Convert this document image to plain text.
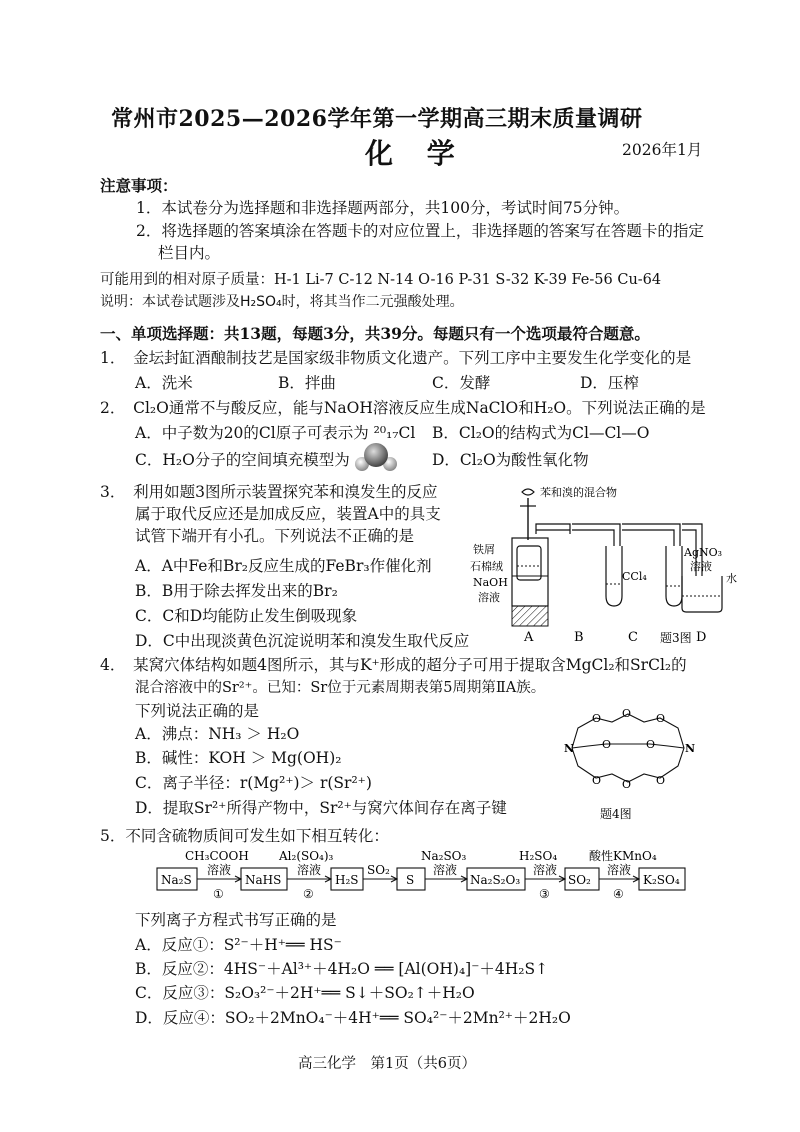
常州市2025—2026学年第一学期高三期末质量调研
化 学	2026年1月
注意事项：
1．本试卷分为选择题和非选择题两部分，共100分，考试时间75分钟。
2．将选择题的答案填涂在答题卡的对应位置上，非选择题的答案写在答题卡的指定
栏目内。
可能用到的相对原子质量：H-1 Li-7 C-12 N-14 O-16 P-31 S-32 K-39 Fe-56 Cu-64
说明：本试卷试题涉及H₂SO₄时，将其当作二元强酸处理。
一、单项选择题：共13题，每题3分，共39分。每题只有一个选项最符合题意。
1．　金坛封缸酒酿制技艺是国家级非物质文化遗产。下列工序中主要发生化学变化的是
A．洗米	B．拌曲	C．发酵	D．压榨
2．　Cl₂O通常不与酸反应，能与NaOH溶液反应生成NaClO和H₂O。下列说法正确的是
A．中子数为20的Cl原子可表示为 ²⁰₁₇Cl B．Cl₂O的结构式为Cl—Cl—O
C．H₂O分子的空间填充模型为	D．Cl₂O为酸性氧化物
3．　利用如题3图所示装置探究苯和溴发生的反应
属于取代反应还是加成反应，装置A中的具支
试管下端开有小孔。下列说法不正确的是
A．A中Fe和Br₂反应生成的FeBr₃作催化剂
B．B用于除去挥发出来的Br₂
C．C和D均能防止发生倒吸现象
D．C中出现淡黄色沉淀说明苯和溴发生取代反应
苯和溴的混合物
铁屑
石棉绒
NaOH
溶液
CCl₄
AgNO₃
溶液
水
A	B	C	D
题3图
4．　某窝穴体结构如题4图所示，其与K⁺形成的超分子可用于提取含MgCl₂和SrCl₂的
混合溶液中的Sr²⁺。已知：Sr位于元素周期表第5周期第ⅡA族。
下列说法正确的是
A．沸点：NH₃ ＞ H₂O
B．碱性：KOH ＞ Mg(OH)₂
C．离子半径：r(Mg²⁺)＞ r(Sr²⁺)
D．提取Sr²⁺所得产物中，Sr²⁺与窝穴体间存在离子键
O O O
O	O
O O O
N	N
题4图
5．不同含硫物质间可发生如下相互转化：
Na₂S	NaHS	H₂S	S	Na₂S₂O₃	SO₂	K₂SO₄
CH₃COOH	Al₂(SO₄)₃
SO₂
Na₂SO₃	H₂SO₄	酸性KMnO₄
溶液	溶液	溶液	溶液	溶液
①	②	③	④
下列离子方程式书写正确的是
A．反应①：S²⁻＋H⁺══ HS⁻
B．反应②：4HS⁻＋Al³⁺＋4H₂O ══ [Al(OH)₄]⁻＋4H₂S↑
C．反应③：S₂O₃²⁻＋2H⁺══ S↓＋SO₂↑＋H₂O
D．反应④：SO₂＋2MnO₄⁻＋4H⁺══ SO₄²⁻＋2Mn²⁺＋2H₂O
高三化学　第1页（共6页）
